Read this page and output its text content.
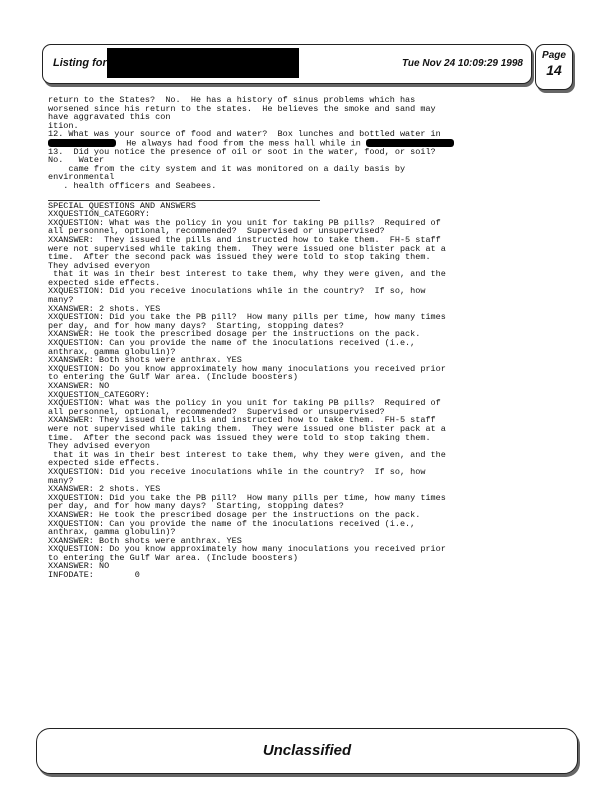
Listing for	Tue Nov 24 10:09:29 1998
Page
14
return to the States?  No.  He has a history of sinus problems which has
worsened since his return to the states.  He believes the smoke and sand may
have aggravated this con
ition.
12. What was your source of food and water?  Box lunches and bottled water in
He always had food from the mess hall while in
13.  Did you notice the presence of oil or soot in the water, food, or soil?
No.   Water
came from the city system and it was monitored on a daily basis by
environmental
. health officers and Seabees.
SPECIAL QUESTIONS AND ANSWERS
XXQUESTION_CATEGORY:
XXQUESTION: What was the policy in you unit for taking PB pills?  Required of
all personnel, optional, recommended?  Supervised or unsupervised?
XXANSWER:  They issued the pills and instructed how to take them.  FH-5 staff
were not supervised while taking them.  They were issued one blister pack at a
time.  After the second pack was issued they were told to stop taking them.
They advised everyon
that it was in their best interest to take them, why they were given, and the
expected side effects.
XXQUESTION: Did you receive inoculations while in the country?  If so, how
many?
XXANSWER: 2 shots. YES
XXQUESTION: Did you take the PB pill?  How many pills per time, how many times
per day, and for how many days?  Starting, stopping dates?
XXANSWER: He took the prescribed dosage per the instructions on the pack.
XXQUESTION: Can you provide the name of the inoculations received (i.e.,
anthrax, gamma globulin)?
XXANSWER: Both shots were anthrax. YES
XXQUESTION: Do you know approximately how many inoculations you received prior
to entering the Gulf War area. (Include boosters)
XXANSWER: NO
XXQUESTION_CATEGORY:
XXQUESTION: What was the policy in you unit for taking PB pills?  Required of
all personnel, optional, recommended?  Supervised or unsupervised?
XXANSWER: They issued the pills and instructed how to take them.  FH-5 staff
were not supervised while taking them.  They were issued one blister pack at a
time.  After the second pack was issued they were told to stop taking them.
They advised everyon
that it was in their best interest to take them, why they were given, and the
expected side effects.
XXQUESTION: Did you receive inoculations while in the country?  If so, how
many?
XXANSWER: 2 shots. YES
XXQUESTION: Did you take the PB pill?  How many pills per time, how many times
per day, and for how many days?  Starting, stopping dates?
XXANSWER: He took the prescribed dosage per the instructions on the pack.
XXQUESTION: Can you provide the name of the inoculations received (i.e.,
anthrax, gamma globulin)?
XXANSWER: Both shots were anthrax. YES
XXQUESTION: Do you know approximately how many inoculations you received prior
to entering the Gulf War area. (Include boosters)
XXANSWER: NO
INFODATE:        0
Unclassified
